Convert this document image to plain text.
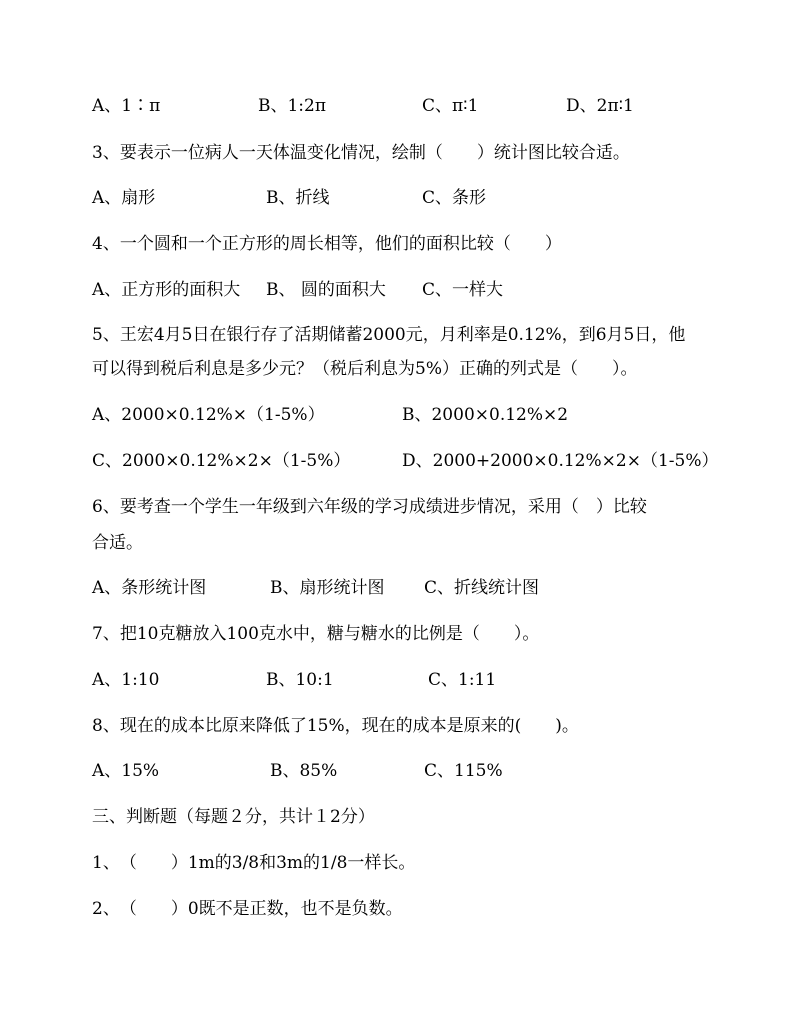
A、1∶π	B、1:2π	C、π∶1	D、2π∶1
3、要表示一位病人一天体温变化情况，绘制（　　）统计图比较合适。
A、扇形	B、折线	C、条形
4、一个圆和一个正方形的周长相等，他们的面积比较（　　）
A、正方形的面积大 B、 圆的面积大 C、一样大
5、王宏4月5日在银行存了活期储蓄2000元，月利率是0.12%，到6月5日，他
可以得到税后利息是多少元？（税后利息为5%）正确的列式是（　　）。
A、2000×0.12%×（1-5%）	B、2000×0.12%×2
C、2000×0.12%×2×（1-5%）	D、2000+2000×0.12%×2×（1-5%）
6、要考查一个学生一年级到六年级的学习成绩进步情况，采用（　）比较
合适。
A、条形统计图	B、扇形统计图 C、折线统计图
7、把10克糖放入100克水中，糖与糖水的比例是（　　）。
A、1:10	B、10:1	C、1:11
8、现在的成本比原来降低了15%，现在的成本是原来的(　　)。
A、15%	B、85%	C、115%
三、判断题（每题２分，共计１2分）
1、　（　　）1m的3/8和3m的1/8一样长。
2、　（　　）0既不是正数，也不是负数。
